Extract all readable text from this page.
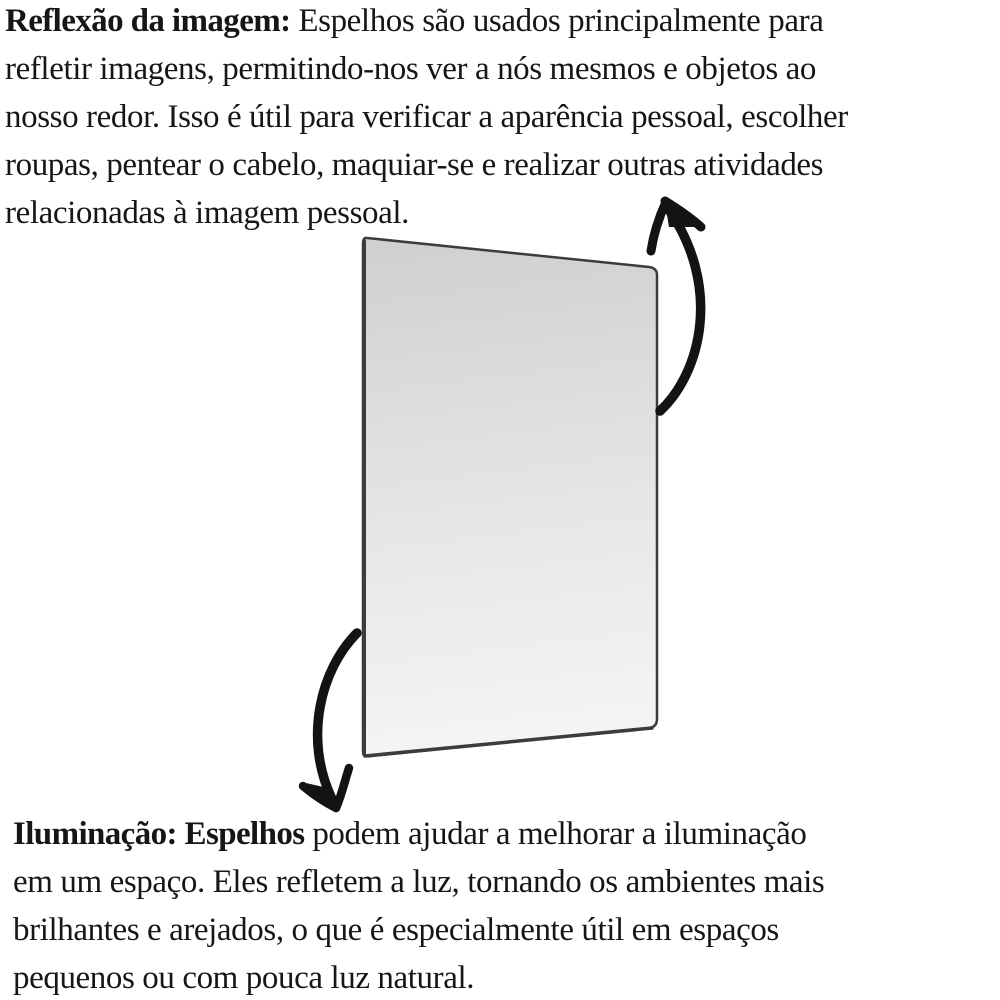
Reflexão da imagem: Espelhos são usados principalmente para
refletir imagens, permitindo-nos ver a nós mesmos e objetos ao
nosso redor. Isso é útil para verificar a aparência pessoal, escolher
roupas, pentear o cabelo, maquiar-se e realizar outras atividades
relacionadas à imagem pessoal.
Iluminação: Espelhos podem ajudar a melhorar a iluminação
em um espaço. Eles refletem a luz, tornando os ambientes mais
brilhantes e arejados, o que é especialmente útil em espaços
pequenos ou com pouca luz natural.
